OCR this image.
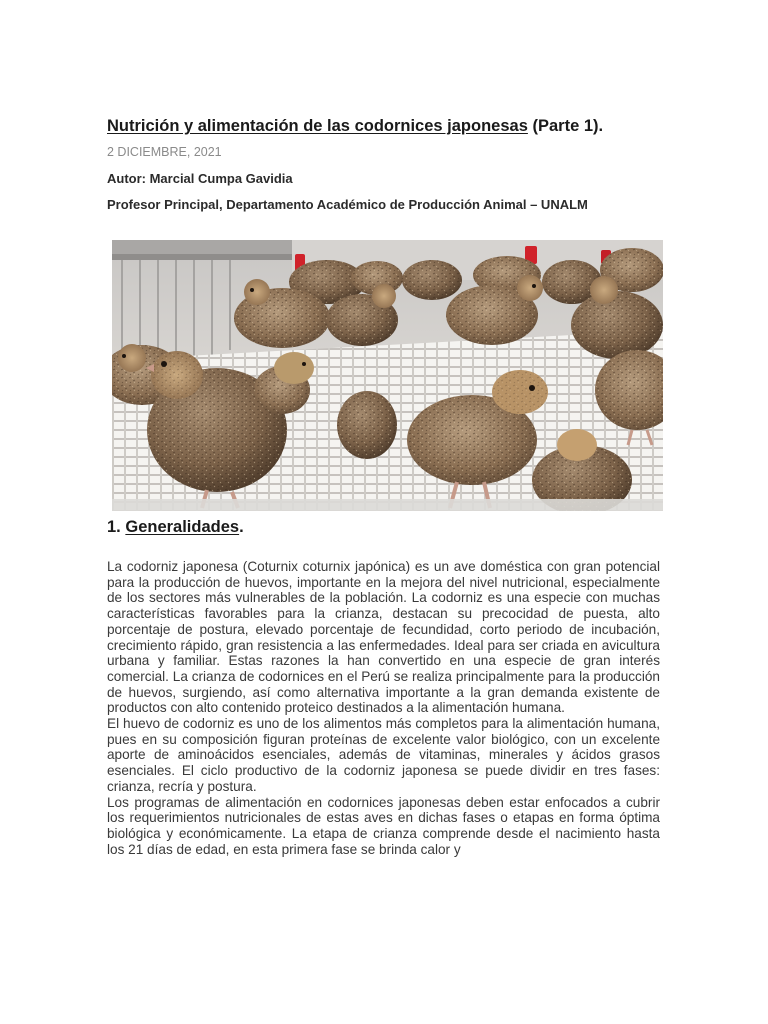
Nutrición y alimentación de las codornices japonesas (Parte 1).
2 DICIEMBRE, 2021
Autor: Marcial Cumpa Gavidia
Profesor Principal, Departamento Académico de Producción Animal – UNALM
1. Generalidades.

La codorniz japonesa (Coturnix coturnix japónica) es un ave doméstica con gran potencial para la producción de huevos, importante en la mejora del nivel nutricional, especialmente de los sectores más vulnerables de la población. La codorniz es una especie con muchas características favorables para la crianza, destacan su precocidad de puesta, alto porcentaje de postura, elevado porcentaje de fecundidad, corto periodo de incubación, crecimiento rápido, gran resistencia a las enfermedades. Ideal para ser criada en avicultura urbana y familiar. Estas razones la han convertido en una especie de gran interés comercial. La crianza de codornices en el Perú se realiza principalmente para la producción de huevos, surgiendo, así como alternativa importante a la gran demanda existente de productos con alto contenido proteico destinados a la alimentación humana.

El huevo de codorniz es uno de los alimentos más completos para la alimentación humana, pues en su composición figuran proteínas de excelente valor biológico, con un excelente aporte de aminoácidos esenciales, además de vitaminas, minerales y ácidos grasos esenciales. El ciclo productivo de la codorniz japonesa se puede dividir en tres fases: crianza, recría y postura.

Los programas de alimentación en codornices japonesas deben estar enfocados a cubrir los requerimientos nutricionales de estas aves en dichas fases o etapas en forma óptima biológica y económicamente. La etapa de crianza comprende desde el nacimiento hasta los 21 días de edad, en esta primera fase se brinda calor y
